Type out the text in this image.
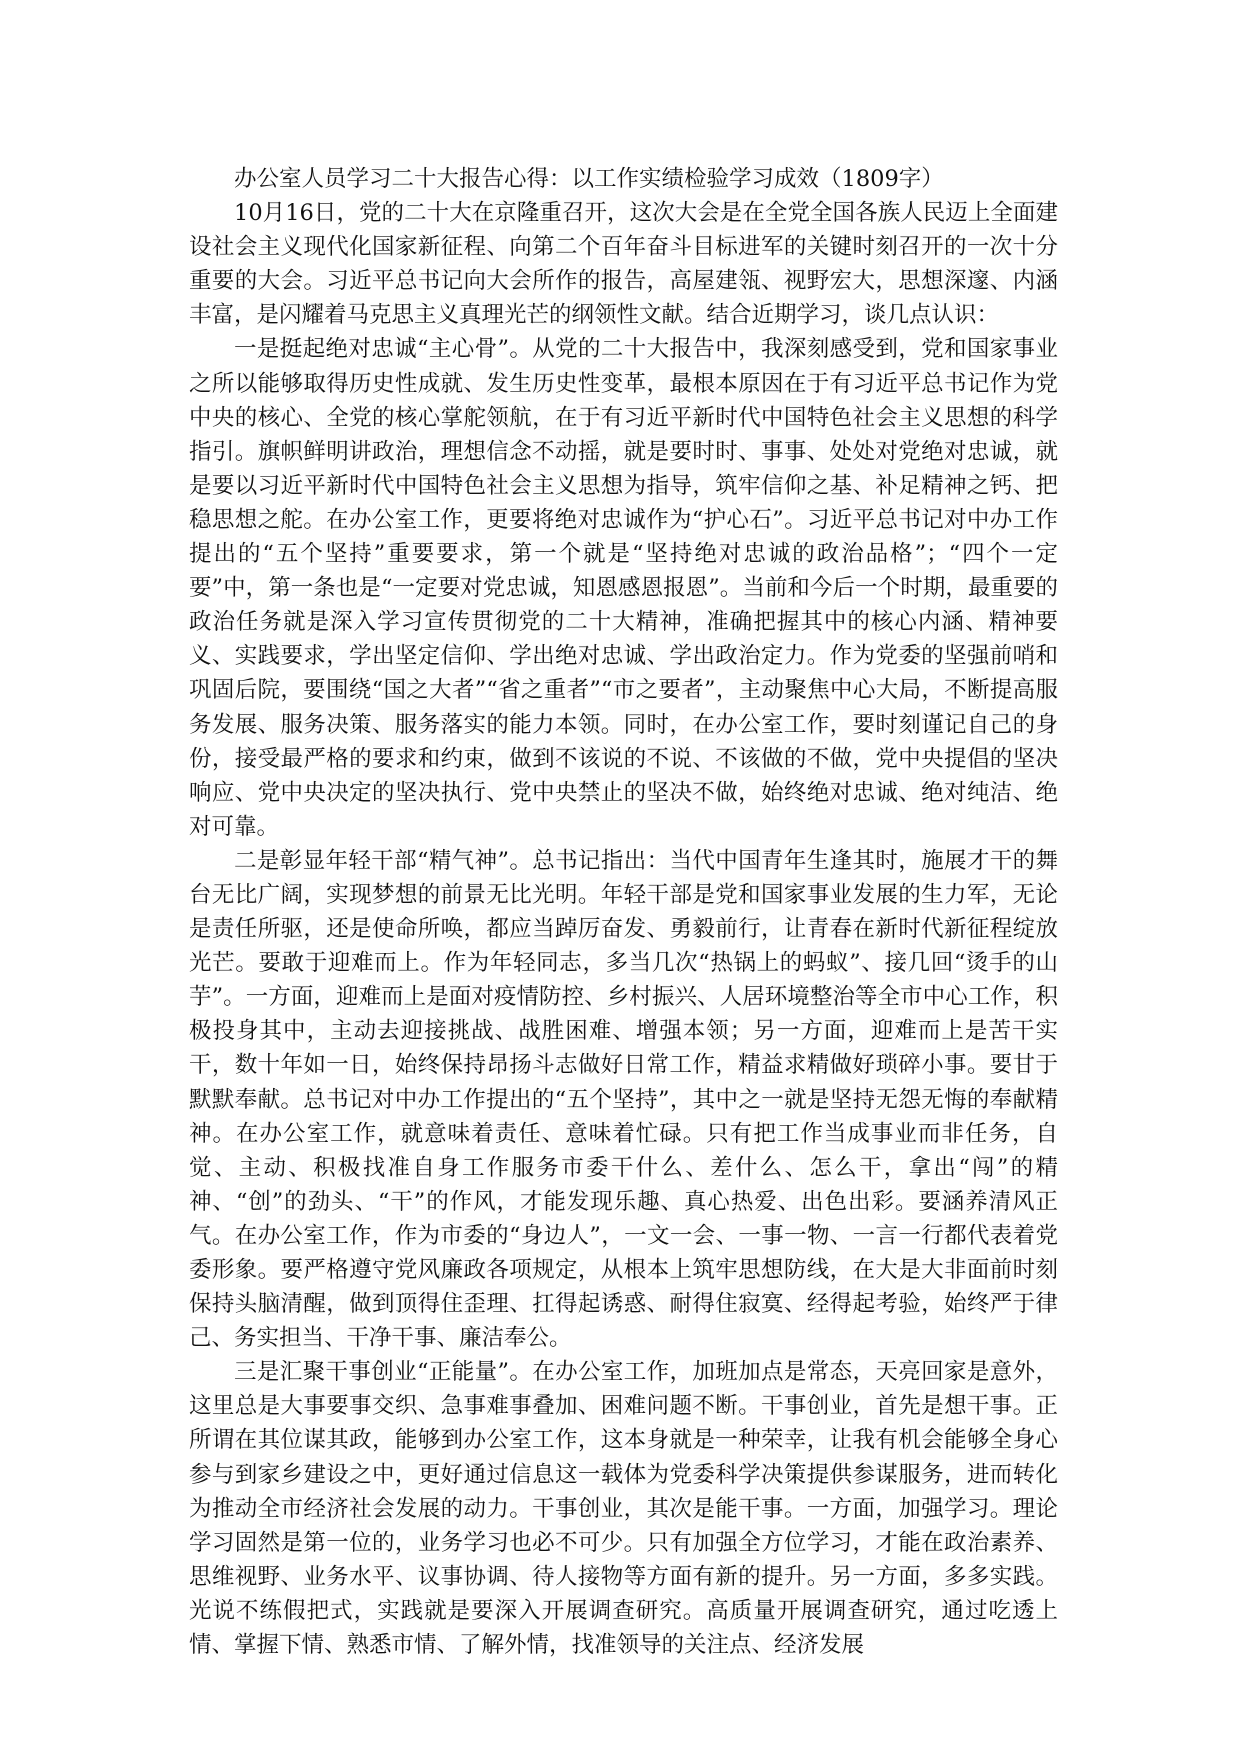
办公室人员学习二十大报告心得：以工作实绩检验学习成效（1809字）

10月16日，党的二十大在京隆重召开，这次大会是在全党全国各族人民迈上全面建设社会主义现代化国家新征程、向第二个百年奋斗目标进军的关键时刻召开的一次十分重要的大会。习近平总书记向大会所作的报告，高屋建瓴、视野宏大，思想深邃、内涵丰富，是闪耀着马克思主义真理光芒的纲领性文献。结合近期学习，谈几点认识：

一是挺起绝对忠诚“主心骨”。从党的二十大报告中，我深刻感受到，党和国家事业之所以能够取得历史性成就、发生历史性变革，最根本原因在于有习近平总书记作为党中央的核心、全党的核心掌舵领航，在于有习近平新时代中国特色社会主义思想的科学指引。旗帜鲜明讲政治，理想信念不动摇，就是要时时、事事、处处对党绝对忠诚，就是要以习近平新时代中国特色社会主义思想为指导，筑牢信仰之基、补足精神之钙、把稳思想之舵。在办公室工作，更要将绝对忠诚作为“护心石”。习近平总书记对中办工作提出的“五个坚持”重要要求，第一个就是“坚持绝对忠诚的政治品格”；“四个一定要”中，第一条也是“一定要对党忠诚，知恩感恩报恩”。当前和今后一个时期，最重要的政治任务就是深入学习宣传贯彻党的二十大精神，准确把握其中的核心内涵、精神要义、实践要求，学出坚定信仰、学出绝对忠诚、学出政治定力。作为党委的坚强前哨和巩固后院，要围绕“国之大者”“省之重者”“市之要者”，主动聚焦中心大局，不断提高服务发展、服务决策、服务落实的能力本领。同时，在办公室工作，要时刻谨记自己的身份，接受最严格的要求和约束，做到不该说的不说、不该做的不做，党中央提倡的坚决响应、党中央决定的坚决执行、党中央禁止的坚决不做，始终绝对忠诚、绝对纯洁、绝对可靠。

二是彰显年轻干部“精气神”。总书记指出：当代中国青年生逢其时，施展才干的舞台无比广阔，实现梦想的前景无比光明。年轻干部是党和国家事业发展的生力军，无论是责任所驱，还是使命所唤，都应当踔厉奋发、勇毅前行，让青春在新时代新征程绽放光芒。要敢于迎难而上。作为年轻同志，多当几次“热锅上的蚂蚁”、接几回“烫手的山芋”。一方面，迎难而上是面对疫情防控、乡村振兴、人居环境整治等全市中心工作，积极投身其中，主动去迎接挑战、战胜困难、增强本领；另一方面，迎难而上是苦干实干，数十年如一日，始终保持昂扬斗志做好日常工作，精益求精做好琐碎小事。要甘于默默奉献。总书记对中办工作提出的“五个坚持”，其中之一就是坚持无怨无悔的奉献精神。在办公室工作，就意味着责任、意味着忙碌。只有把工作当成事业而非任务，自觉、主动、积极找准自身工作服务市委干什么、差什么、怎么干，拿出“闯”的精神、“创”的劲头、“干”的作风，才能发现乐趣、真心热爱、出色出彩。要涵养清风正气。在办公室工作，作为市委的“身边人”，一文一会、一事一物、一言一行都代表着党委形象。要严格遵守党风廉政各项规定，从根本上筑牢思想防线，在大是大非面前时刻保持头脑清醒，做到顶得住歪理、扛得起诱惑、耐得住寂寞、经得起考验，始终严于律己、务实担当、干净干事、廉洁奉公。

三是汇聚干事创业“正能量”。在办公室工作，加班加点是常态，天亮回家是意外，这里总是大事要事交织、急事难事叠加、困难问题不断。干事创业，首先是想干事。正所谓在其位谋其政，能够到办公室工作，这本身就是一种荣幸，让我有机会能够全身心参与到家乡建设之中，更好通过信息这一载体为党委科学决策提供参谋服务，进而转化为推动全市经济社会发展的动力。干事创业，其次是能干事。一方面，加强学习。理论学习固然是第一位的，业务学习也必不可少。只有加强全方位学习，才能在政治素养、思维视野、业务水平、议事协调、待人接物等方面有新的提升。另一方面，多多实践。光说不练假把式，实践就是要深入开展调查研究。高质量开展调查研究，通过吃透上情、掌握下情、熟悉市情、了解外情，找准领导的关注点、经济发展
